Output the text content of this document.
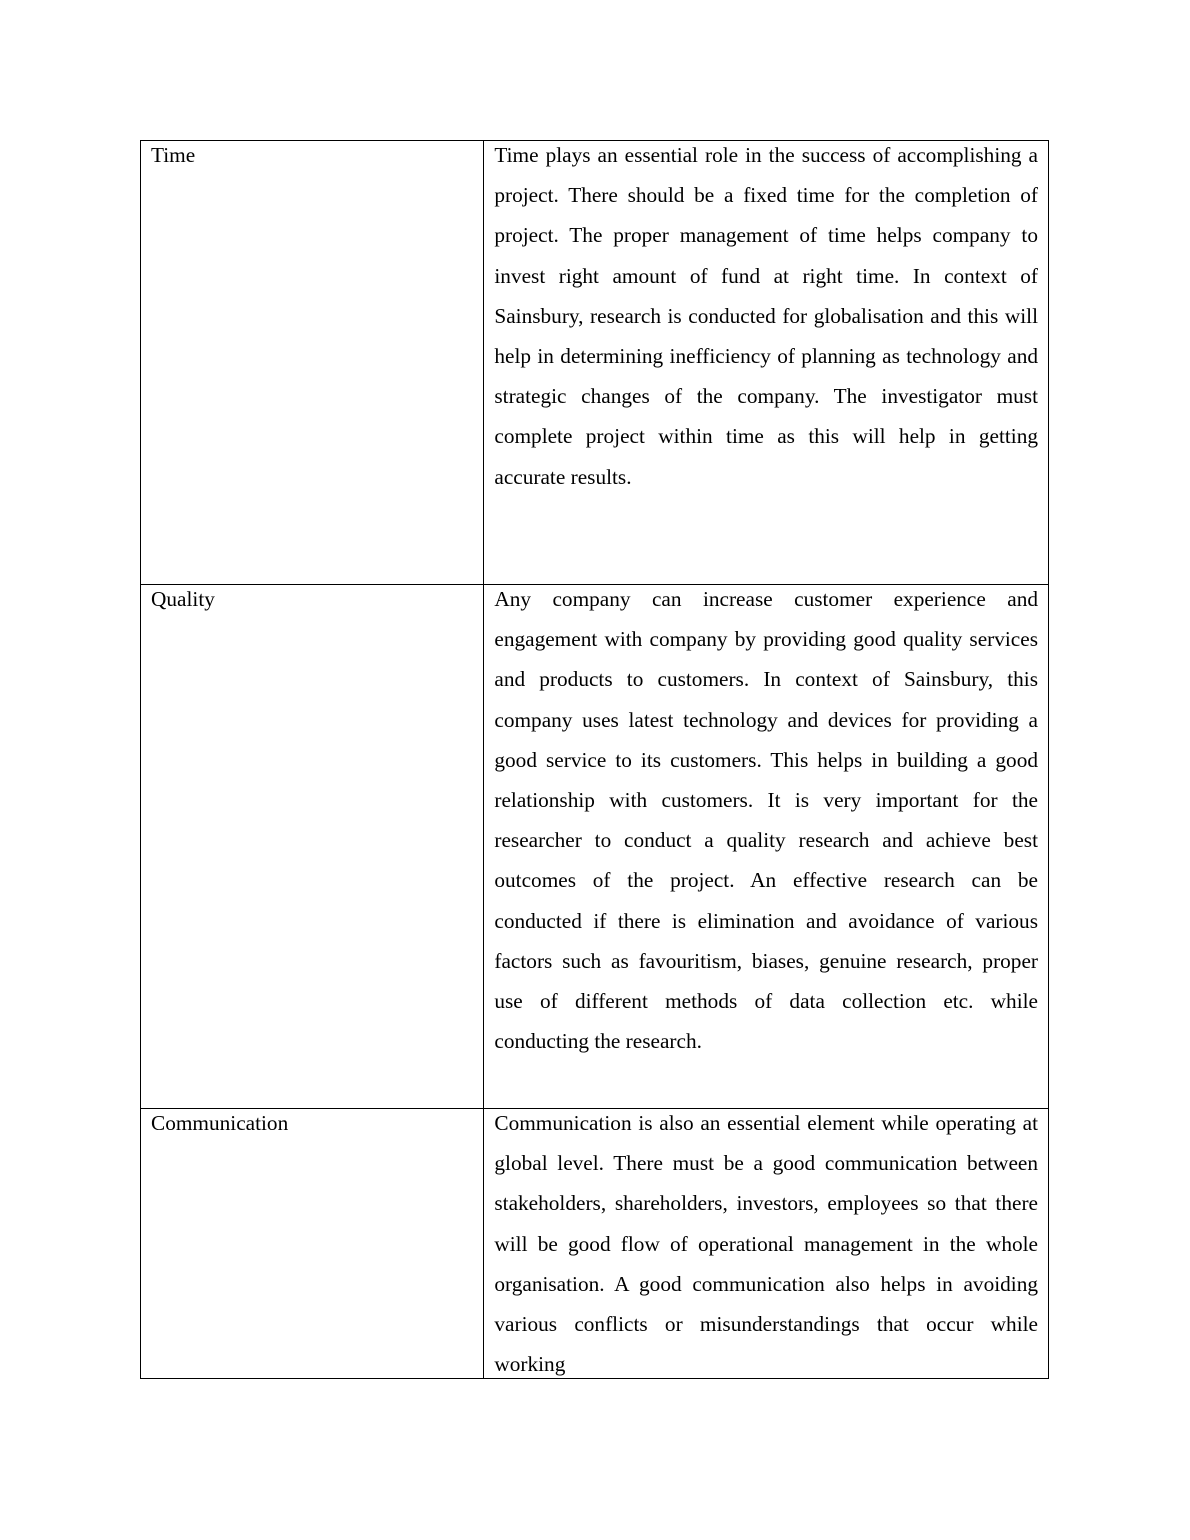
Time	Time plays an essential role in the success of accomplishing a project. There should be a fixed time for the completion of project. The proper management of time helps company to invest right amount of fund at right time. In context of Sainsbury, research is conducted for globalisation and this will help in determining inefficiency of planning as technology and strategic changes of the company. The investigator must complete project within time as this will help in getting accurate results.

Quality	Any company can increase customer experience and engagement with company by providing good quality services and products to customers. In context of Sainsbury, this company uses latest technology and devices for providing a good service to its customers. This helps in building a good relationship with customers. It is very important for the researcher to conduct a quality research and achieve best outcomes of the project. An effective research can be conducted if there is elimination and avoidance of various factors such as favouritism, biases, genuine research, proper use of different methods of data collection etc. while conducting the research.

Communication	Communication is also an essential element while operating at global level. There must be a good communication between stakeholders, shareholders, investors, employees so that there will be good flow of operational management in the whole organisation. A good communication also helps in avoiding various conflicts or misunderstandings that occur while working
